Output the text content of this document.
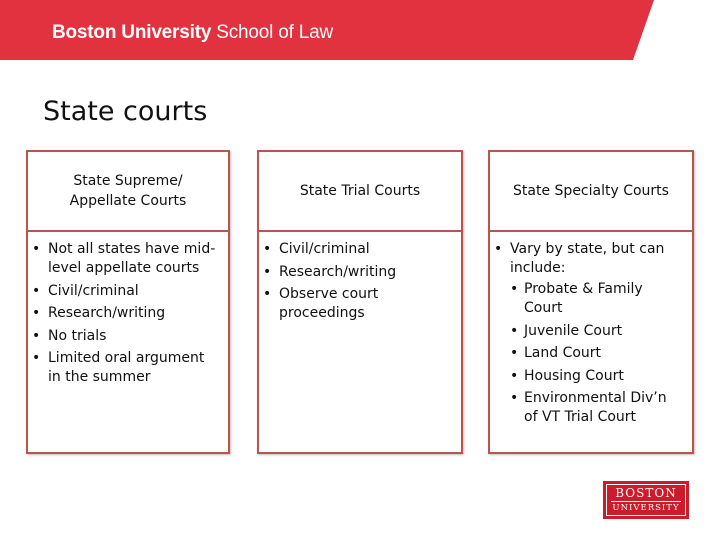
Boston University School of Law
State courts
State Supreme/
Appellate Courts
• Not all states have mid-level appellate courts
• Civil/criminal
• Research/writing
• No trials
• Limited oral argument in the summer
State Trial Courts
• Civil/criminal
• Research/writing
• Observe court proceedings
State Specialty Courts
• Vary by state, but can include:
• Probate & Family Court
• Juvenile Court
• Land Court
• Housing Court
• Environmental Div’n of VT Trial Court
BOSTON
UNIVERSITY
